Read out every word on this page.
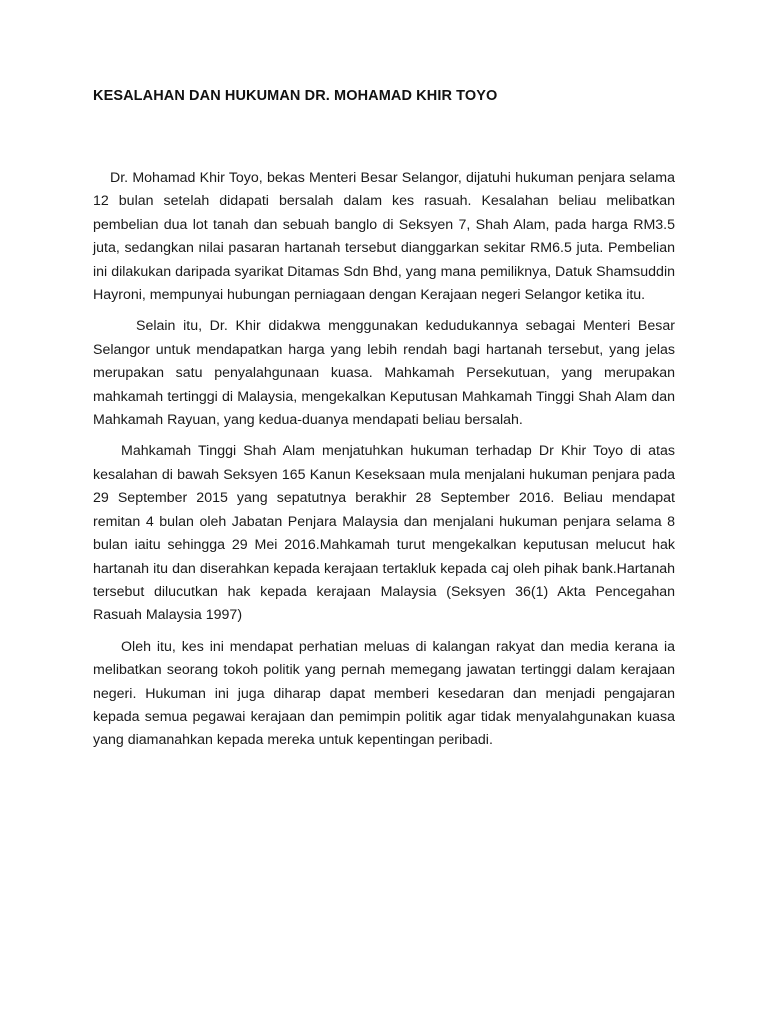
KESALAHAN DAN HUKUMAN DR. MOHAMAD KHIR TOYO

Dr. Mohamad Khir Toyo, bekas Menteri Besar Selangor, dijatuhi hukuman penjara selama 12 bulan setelah didapati bersalah dalam kes rasuah. Kesalahan beliau melibatkan pembelian dua lot tanah dan sebuah banglo di Seksyen 7, Shah Alam, pada harga RM3.5 juta, sedangkan nilai pasaran hartanah tersebut dianggarkan sekitar RM6.5 juta. Pembelian ini dilakukan daripada syarikat Ditamas Sdn Bhd, yang mana pemiliknya, Datuk Shamsuddin Hayroni, mempunyai hubungan perniagaan dengan Kerajaan negeri Selangor ketika itu.

Selain itu, Dr. Khir didakwa menggunakan kedudukannya sebagai Menteri Besar Selangor untuk mendapatkan harga yang lebih rendah bagi hartanah tersebut, yang jelas merupakan satu penyalahgunaan kuasa. Mahkamah Persekutuan, yang merupakan mahkamah tertinggi di Malaysia, mengekalkan Keputusan Mahkamah Tinggi Shah Alam dan Mahkamah Rayuan, yang kedua-duanya mendapati beliau bersalah.

Mahkamah Tinggi Shah Alam menjatuhkan hukuman terhadap Dr Khir Toyo di atas kesalahan di bawah Seksyen 165 Kanun Keseksaan mula menjalani hukuman penjara pada 29 September 2015 yang sepatutnya berakhir 28 September 2016. Beliau mendapat remitan 4 bulan oleh Jabatan Penjara Malaysia dan menjalani hukuman penjara selama 8 bulan iaitu sehingga 29 Mei 2016.Mahkamah turut mengekalkan keputusan melucut hak hartanah itu dan diserahkan kepada kerajaan tertakluk kepada caj oleh pihak bank.Hartanah tersebut dilucutkan hak kepada kerajaan Malaysia (Seksyen 36(1) Akta Pencegahan Rasuah Malaysia 1997)

Oleh itu, kes ini mendapat perhatian meluas di kalangan rakyat dan media kerana ia melibatkan seorang tokoh politik yang pernah memegang jawatan tertinggi dalam kerajaan negeri. Hukuman ini juga diharap dapat memberi kesedaran dan menjadi pengajaran kepada semua pegawai kerajaan dan pemimpin politik agar tidak menyalahgunakan kuasa yang diamanahkan kepada mereka untuk kepentingan peribadi.
